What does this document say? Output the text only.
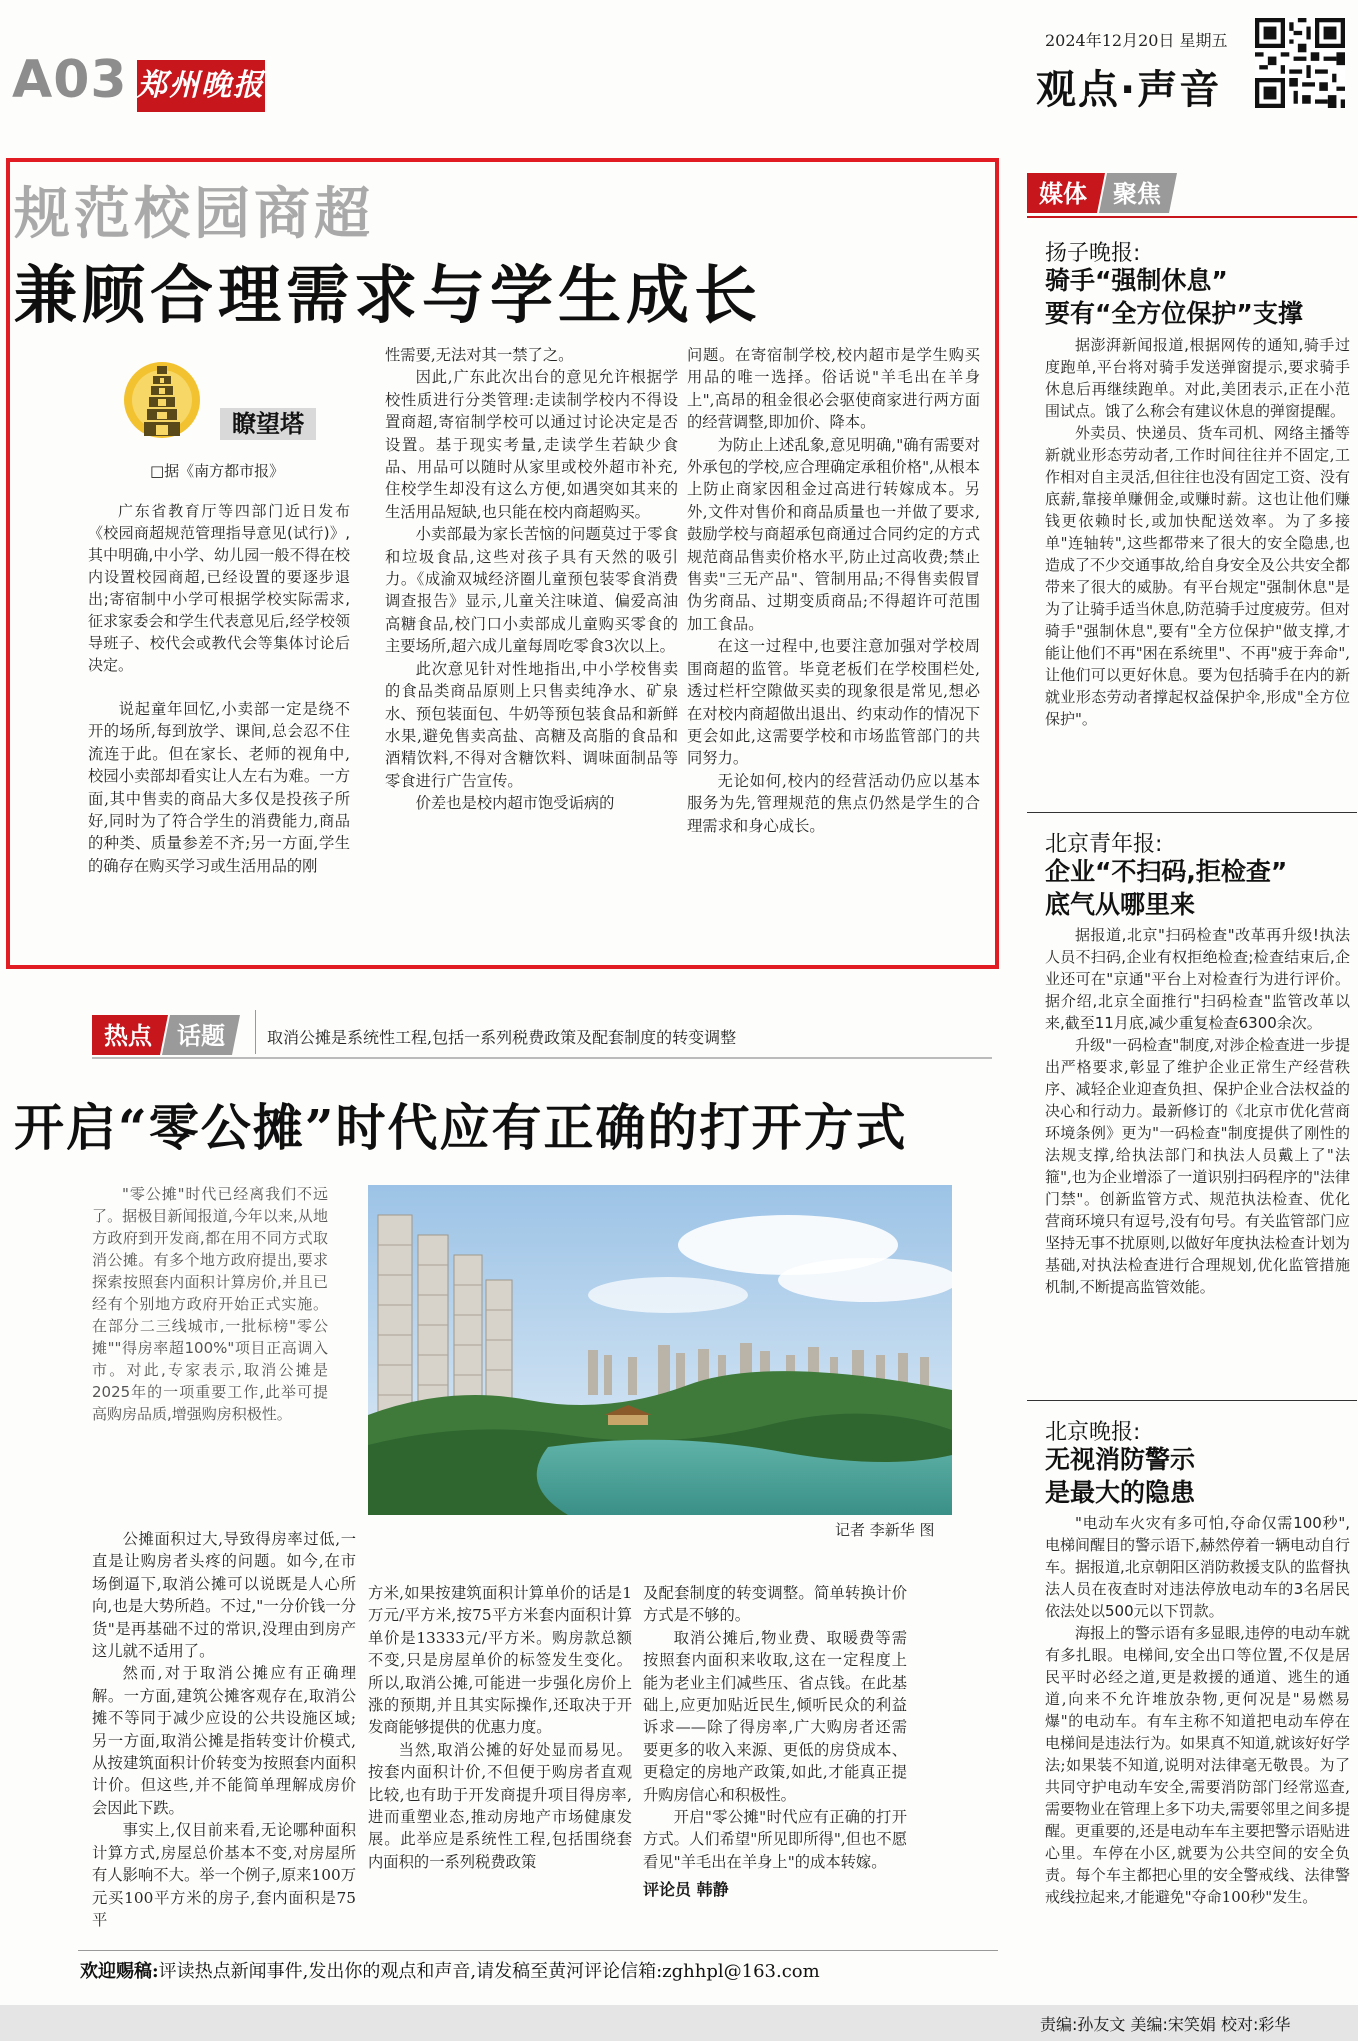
A03 郑州晚报
2024年12月20日 星期五
观点·声音
规范校园商超
兼顾合理需求与学生成长
瞭望塔
□据《南方都市报》

广东省教育厅等四部门近日发布《校园商超规范管理指导意见(试行)》,其中明确,中小学、幼儿园一般不得在校内设置校园商超,已经设置的要逐步退出;寄宿制中小学可根据学校实际需求,征求家委会和学生代表意见后,经学校领导班子、校代会或教代会等集体讨论后决定。

说起童年回忆,小卖部一定是绕不开的场所,每到放学、课间,总会忍不住流连于此。但在家长、老师的视角中,校园小卖部却看实让人左右为难。一方面,其中售卖的商品大多仅是投孩子所好,同时为了符合学生的消费能力,商品的种类、质量参差不齐;另一方面,学生的确存在购买学习或生活用品的刚

性需要,无法对其一禁了之。

因此,广东此次出台的意见允许根据学校性质进行分类管理:走读制学校内不得设置商超,寄宿制学校可以通过讨论决定是否设置。基于现实考量,走读学生若缺少食品、用品可以随时从家里或校外超市补充,住校学生却没有这么方便,如遇突如其来的生活用品短缺,也只能在校内商超购买。

小卖部最为家长苦恼的问题莫过于零食和垃圾食品,这些对孩子具有天然的吸引力。《成渝双城经济圈儿童预包装零食消费调查报告》显示,儿童关注味道、偏爱高油高糖食品,校门口小卖部成儿童购买零食的主要场所,超六成儿童每周吃零食3次以上。

此次意见针对性地指出,中小学校售卖的食品类商品原则上只售卖纯净水、矿泉水、预包装面包、牛奶等预包装食品和新鲜水果,避免售卖高盐、高糖及高脂的食品和酒精饮料,不得对含糖饮料、调味面制品等零食进行广告宣传。

价差也是校内超市饱受诟病的

问题。在寄宿制学校,校内超市是学生购买用品的唯一选择。俗话说"羊毛出在羊身上",高昂的租金很必会驱使商家进行两方面的经营调整,即加价、降本。

为防止上述乱象,意见明确,"确有需要对外承包的学校,应合理确定承租价格",从根本上防止商家因租金过高进行转嫁成本。另外,文件对售价和商品质量也一并做了要求,鼓励学校与商超承包商通过合同约定的方式规范商品售卖价格水平,防止过高收费;禁止售卖"三无产品"、管制用品;不得售卖假冒伪劣商品、过期变质商品;不得超许可范围加工食品。

在这一过程中,也要注意加强对学校周围商超的监管。毕竟老板们在学校围栏处,透过栏杆空隙做买卖的现象很是常见,想必在对校内商超做出退出、约束动作的情况下更会如此,这需要学校和市场监管部门的共同努力。

无论如何,校内的经营活动仍应以基本服务为先,管理规范的焦点仍然是学生的合理需求和身心成长。

媒体 聚焦
扬子晚报:
骑手“强制休息”
要有“全方位保护”支撑

据澎湃新闻报道,根据网传的通知,骑手过度跑单,平台将对骑手发送弹窗提示,要求骑手休息后再继续跑单。对此,美团表示,正在小范围试点。饿了么称会有建议休息的弹窗提醒。

外卖员、快递员、货车司机、网络主播等新就业形态劳动者,工作时间往往并不固定,工作相对自主灵活,但往往也没有固定工资、没有底薪,靠接单赚佣金,或赚时薪。这也让他们赚钱更依赖时长,或加快配送效率。为了多接单"连轴转",这些都带来了很大的安全隐患,也造成了不少交通事故,给自身安全及公共安全都带来了很大的威胁。有平台规定"强制休息"是为了让骑手适当休息,防范骑手过度疲劳。但对骑手"强制休息",要有"全方位保护"做支撑,才能让他们不再"困在系统里"、不再"疲于奔命",让他们可以更好休息。要为包括骑手在内的新就业形态劳动者撑起权益保护伞,形成"全方位保护"。

北京青年报:
企业“不扫码,拒检查”
底气从哪里来

据报道,北京"扫码检查"改革再升级!执法人员不扫码,企业有权拒绝检查;检查结束后,企业还可在"京通"平台上对检查行为进行评价。据介绍,北京全面推行"扫码检查"监管改革以来,截至11月底,减少重复检查6300余次。

升级"一码检查"制度,对涉企检查进一步提出严格要求,彰显了维护企业正常生产经营秩序、减轻企业迎查负担、保护企业合法权益的决心和行动力。最新修订的《北京市优化营商环境条例》更为"一码检查"制度提供了刚性的法规支撑,给执法部门和执法人员戴上了"法箍",也为企业增添了一道识别扫码程序的"法律门禁"。创新监管方式、规范执法检查、优化营商环境只有逗号,没有句号。有关监管部门应坚持无事不扰原则,以做好年度执法检查计划为基础,对执法检查进行合理规划,优化监管措施机制,不断提高监管效能。

北京晚报:
无视消防警示
是最大的隐患

"电动车火灾有多可怕,夺命仅需100秒",电梯间醒目的警示语下,赫然停着一辆电动自行车。据报道,北京朝阳区消防救援支队的监督执法人员在夜查时对违法停放电动车的3名居民依法处以500元以下罚款。

海报上的警示语有多显眼,违停的电动车就有多扎眼。电梯间,安全出口等位置,不仅是居民平时必经之道,更是救援的通道、逃生的通道,向来不允许堆放杂物,更何况是"易燃易爆"的电动车。有车主称不知道把电动车停在电梯间是违法行为。如果真不知道,就该好好学法;如果装不知道,说明对法律毫无敬畏。为了共同守护电动车安全,需要消防部门经常巡查,需要物业在管理上多下功夫,需要邻里之间多提醒。更重要的,还是电动车车主要把警示语贴进心里。车停在小区,就要为公共空间的安全负责。每个车主都把心里的安全警戒线、法律警戒线拉起来,才能避免"夺命100秒"发生。

热点 话题	取消公摊是系统性工程,包括一系列税费政策及配套制度的转变调整
开启“零公摊”时代应有正确的打开方式

"零公摊"时代已经离我们不远了。据极目新闻报道,今年以来,从地方政府到开发商,都在用不同方式取消公摊。有多个地方政府提出,要求探索按照套内面积计算房价,并且已经有个别地方政府开始正式实施。在部分二三线城市,一批标榜"零公摊""得房率超100%"项目正高调入市。对此,专家表示,取消公摊是2025年的一项重要工作,此举可提高购房品质,增强购房积极性。

记者 李新华 图

公摊面积过大,导致得房率过低,一直是让购房者头疼的问题。如今,在市场倒逼下,取消公摊可以说既是人心所向,也是大势所趋。不过,"一分价钱一分货"是再基础不过的常识,没理由到房产这儿就不适用了。

然而,对于取消公摊应有正确理解。一方面,建筑公摊客观存在,取消公摊不等同于减少应设的公共设施区域;另一方面,取消公摊是指转变计价模式,从按建筑面积计价转变为按照套内面积计价。但这些,并不能简单理解成房价会因此下跌。

事实上,仅目前来看,无论哪种面积计算方式,房屋总价基本不变,对房屋所有人影响不大。举一个例子,原来100万元买100平方米的房子,套内面积是75平

方米,如果按建筑面积计算单价的话是1万元/平方米,按75平方米套内面积计算单价是13333元/平方米。购房款总额不变,只是房屋单价的标签发生变化。所以,取消公摊,可能进一步强化房价上涨的预期,并且其实际操作,还取决于开发商能够提供的优惠力度。

当然,取消公摊的好处显而易见。按套内面积计价,不但便于购房者直观比较,也有助于开发商提升项目得房率,进而重塑业态,推动房地产市场健康发展。此举应是系统性工程,包括围绕套内面积的一系列税费政策

及配套制度的转变调整。简单转换计价方式是不够的。

取消公摊后,物业费、取暖费等需按照套内面积来收取,这在一定程度上能为老业主们减些压、省点钱。在此基础上,应更加贴近民生,倾听民众的利益诉求——除了得房率,广大购房者还需要更多的收入来源、更低的房贷成本、更稳定的房地产政策,如此,才能真正提升购房信心和积极性。

开启"零公摊"时代应有正确的打开方式。人们希望"所见即所得",但也不愿看见"羊毛出在羊身上"的成本转嫁。

评论员 韩静
欢迎赐稿:评读热点新闻事件,发出你的观点和声音,请发稿至黄河评论信箱:zghhpl@163.com
责编:孙友文 美编:宋笑娟 校对:彩华
